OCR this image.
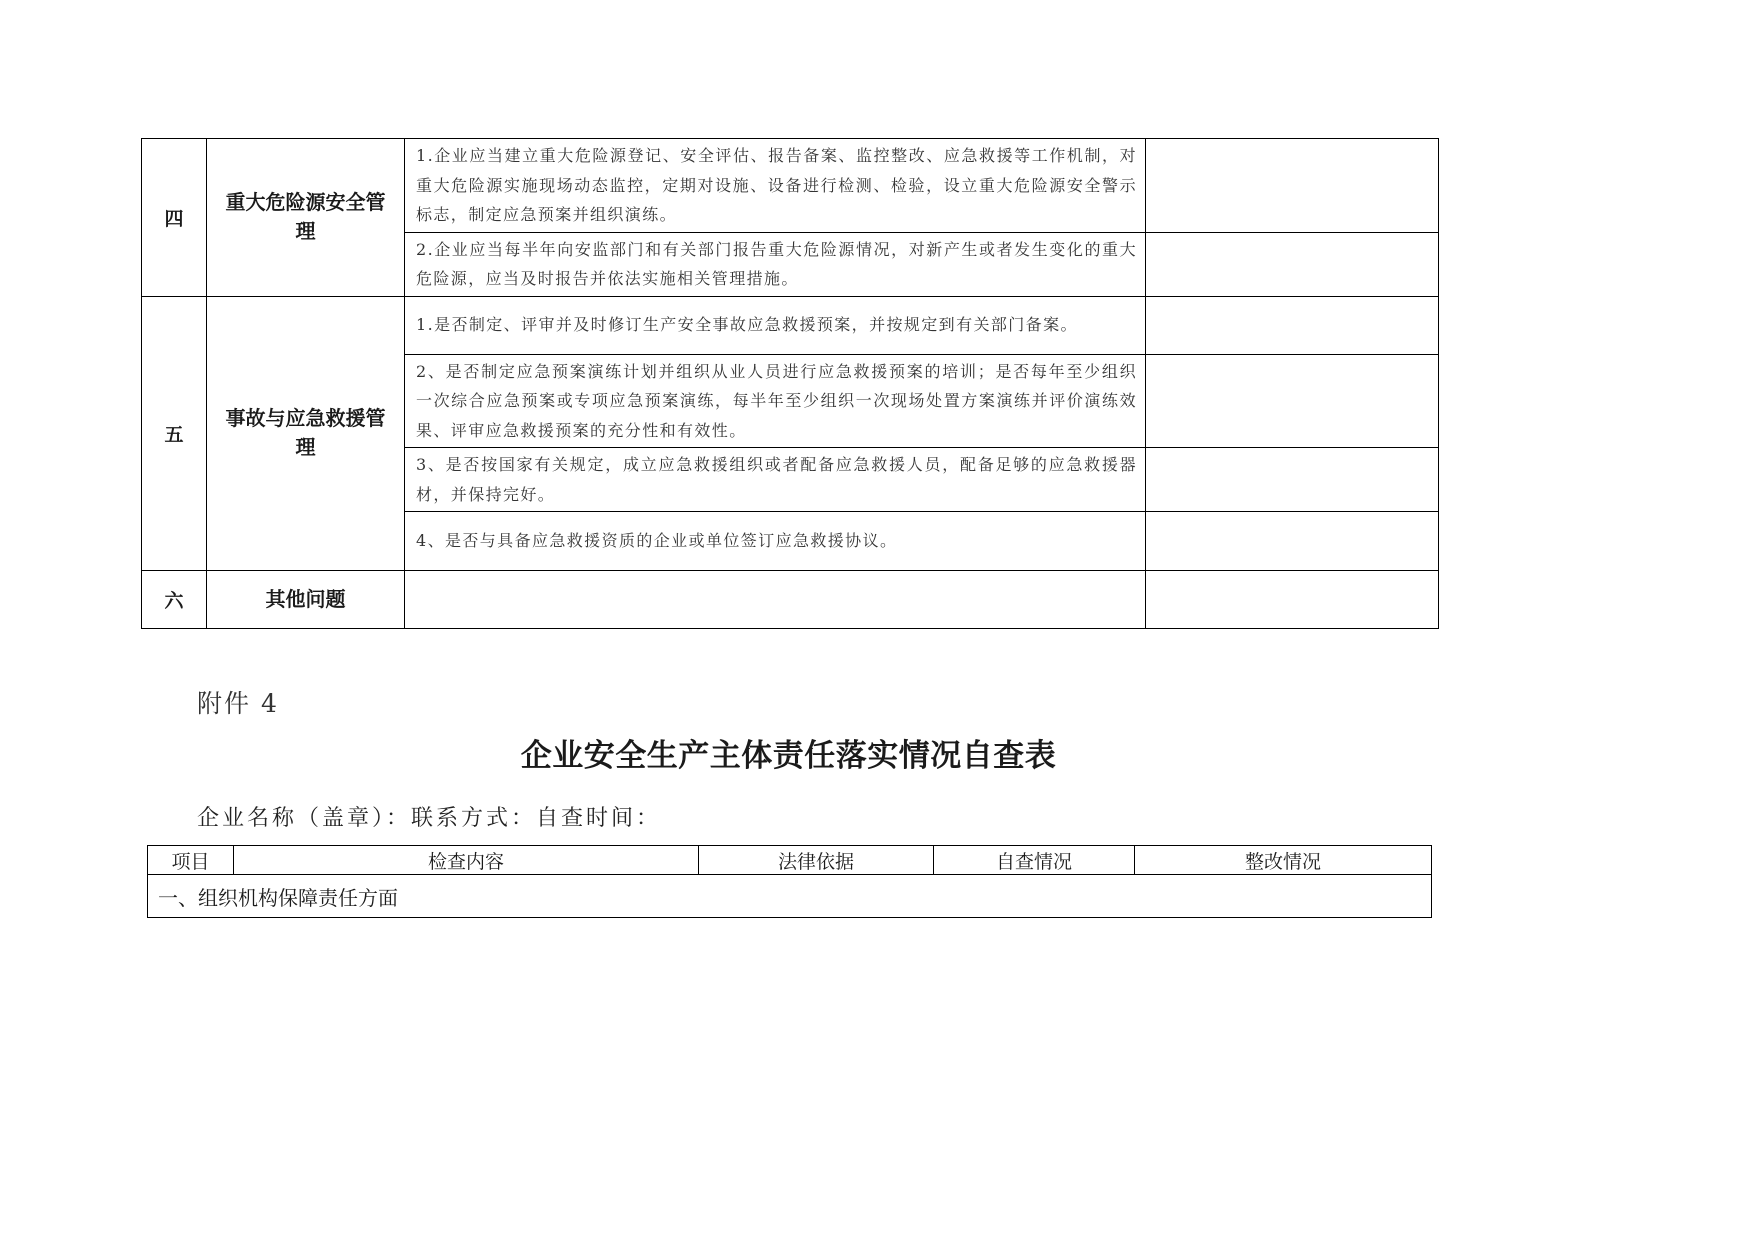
四	重大危险源安全管理	1.企业应当建立重大危险源登记、安全评估、报告备案、监控整改、应急救援等工作机制，对重大危险源实施现场动态监控，定期对设施、设备进行检测、检验，设立重大危险源安全警示标志，制定应急预案并组织演练。	
		2.企业应当每半年向安监部门和有关部门报告重大危险源情况，对新产生或者发生变化的重大危险源，应当及时报告并依法实施相关管理措施。	
五	事故与应急救援管理	1.是否制定、评审并及时修订生产安全事故应急救援预案，并按规定到有关部门备案。	
		2、是否制定应急预案演练计划并组织从业人员进行应急救援预案的培训；是否每年至少组织一次综合应急预案或专项应急预案演练，每半年至少组织一次现场处置方案演练并评价演练效果、评审应急救援预案的充分性和有效性。	
		3、是否按国家有关规定，成立应急救援组织或者配备应急救援人员，配备足够的应急救援器材，并保持完好。	
		4、是否与具备应急救援资质的企业或单位签订应急救援协议。	
六	其他问题		
附件 4
企业安全生产主体责任落实情况自查表
企业名称（盖章）：联系方式：自查时间：
项目	检查内容	法律依据	自查情况	整改情况
一、组织机构保障责任方面
